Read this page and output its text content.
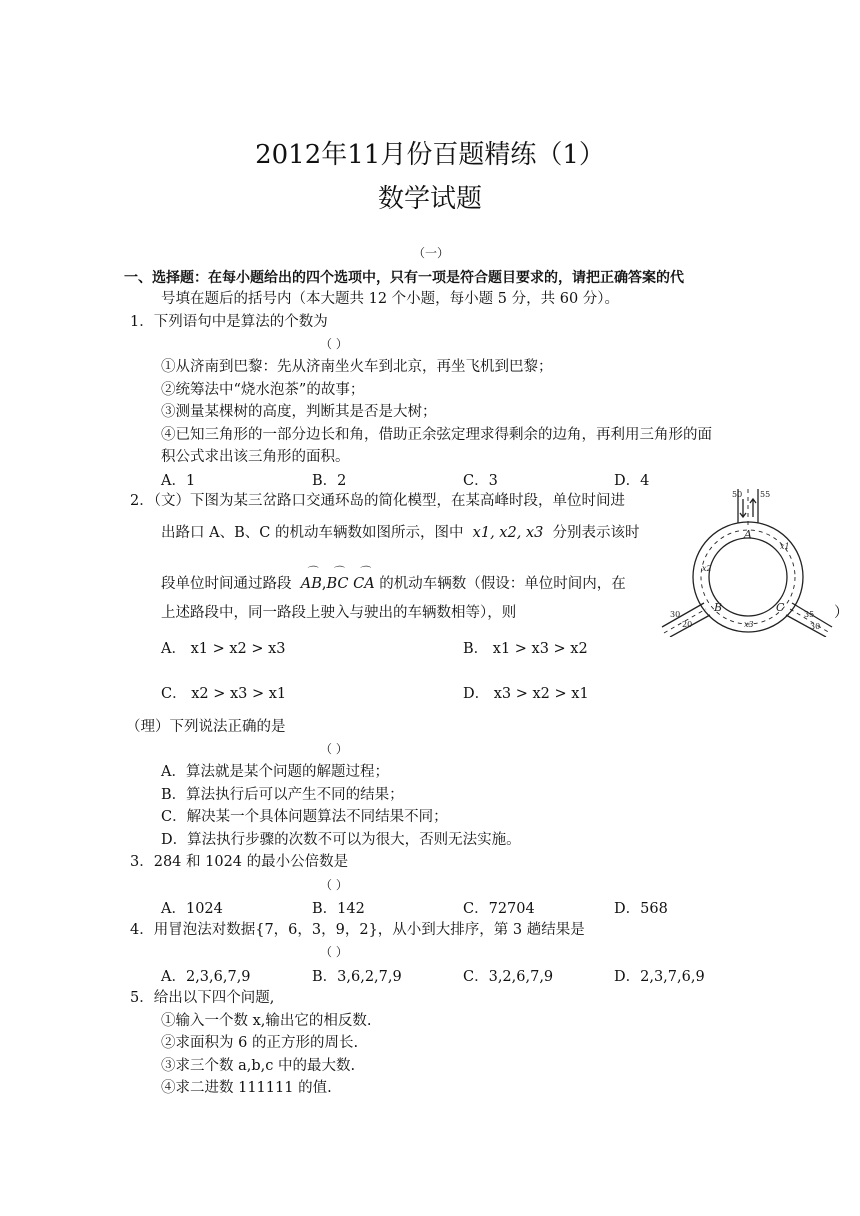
2012年11月份百题精练（1）
数学试题
（一）
一、选择题：在每小题给出的四个选项中，只有一项是符合题目要求的，请把正确答案的代
号填在题后的括号内（本大题共 12 个小题，每小题 5 分，共 60 分）。
1．下列语句中是算法的个数为
（ ）
①从济南到巴黎：先从济南坐火车到北京，再坐飞机到巴黎；
②统筹法中“烧水泡茶”的故事；
③测量某棵树的高度，判断其是否是大树；
④已知三角形的一部分边长和角，借助正余弦定理求得剩余的边角，再利用三角形的面
积公式求出该三角形的面积。
A．1	B．2	C．3	D．4
2．（文）下图为某三岔路口交通环岛的简化模型，在某高峰时段，单位时间进
出路口 A、B、C 的机动车辆数如图所示，图中 x1, x2, x3 分别表示该时
段单位时间通过路段 ⌒ AB,⌒ BC ⌒ CA 的机动车辆数（假设：单位时间内，在
上述路段中，同一路段上驶入与驶出的车辆数相等），则	）
50 55
A
B	C
x1
x2
x3
30
20
35
30
A． x1 > x2 > x3	B． x1 > x3 > x2
C． x2 > x3 > x1	D． x3 > x2 > x1
（理）下列说法正确的是
（ ）
A．算法就是某个问题的解题过程；
B．算法执行后可以产生不同的结果；
C．解决某一个具体问题算法不同结果不同；
D．算法执行步骤的次数不可以为很大，否则无法实施。
3．284 和 1024 的最小公倍数是
（ ）
A．1024	B．142	C．72704	D．568
4．用冒泡法对数据{7，6，3，9，2}，从小到大排序，第 3 趟结果是
（ ）
A．2,3,6,7,9	B．3,6,2,7,9	C．3,2,6,7,9	D．2,3,7,6,9
5．给出以下四个问题,
①输入一个数 x,输出它的相反数.
②求面积为 6 的正方形的周长.
③求三个数 a,b,c 中的最大数.
④求二进数 111111 的值.
